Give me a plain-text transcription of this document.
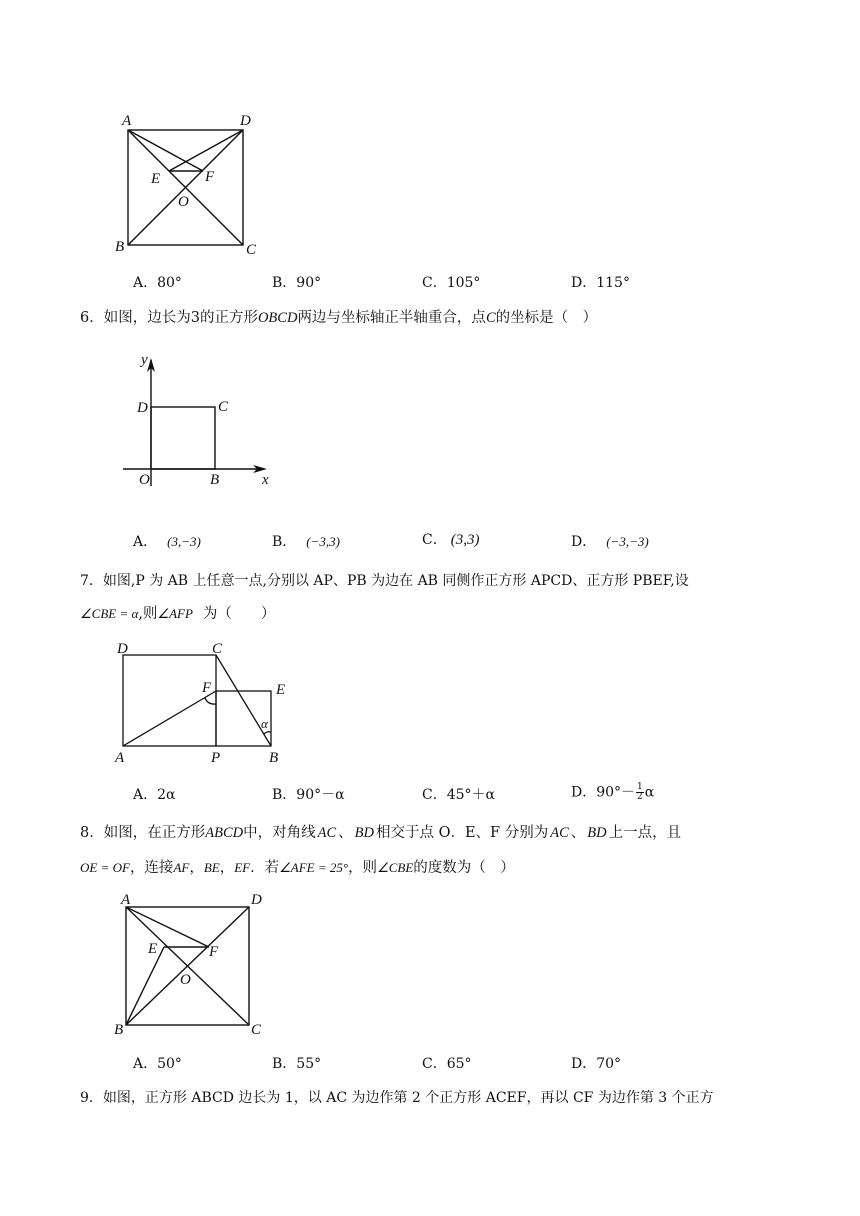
A	D
E	F
O
B	C
A．80°	B．90°	C．105°	D．115°
6．如图，边长为3的正方形OBCD两边与坐标轴正半轴重合，点C的坐标是（　）
y
D	C
O	B	x
A． (3,−3)	B． (−3,3)	C． (3,3)	D． (−3,−3)
7．如图,P 为 AB 上任意一点,分别以 AP、PB 为边在 AB 同侧作正方形 APCD、正方形 PBEF,设
∠CBE = α,则∠AFP 为（　　）
D	C
F	E
α
A	P	B
A．2α	B．90°－α	C．45°＋α	D．$90^\circ- \frac{1}{2}$ α
8．如图，在正方形ABCD中，对角线 AC 、 BD 相交于点 O．E、F 分别为 AC 、 BD 上一点，且
OE = OF，连接AF，BE，EF．若∠AFE = 25°，则∠CBE的度数为（　）
A	D
E	F
O
B	C
A．50°	B．55°	C．65°	D．70°
9．如图，正方形 ABCD 边长为 1，以 AC 为边作第 2 个正方形 ACEF，再以 CF 为边作第 3 个正方
